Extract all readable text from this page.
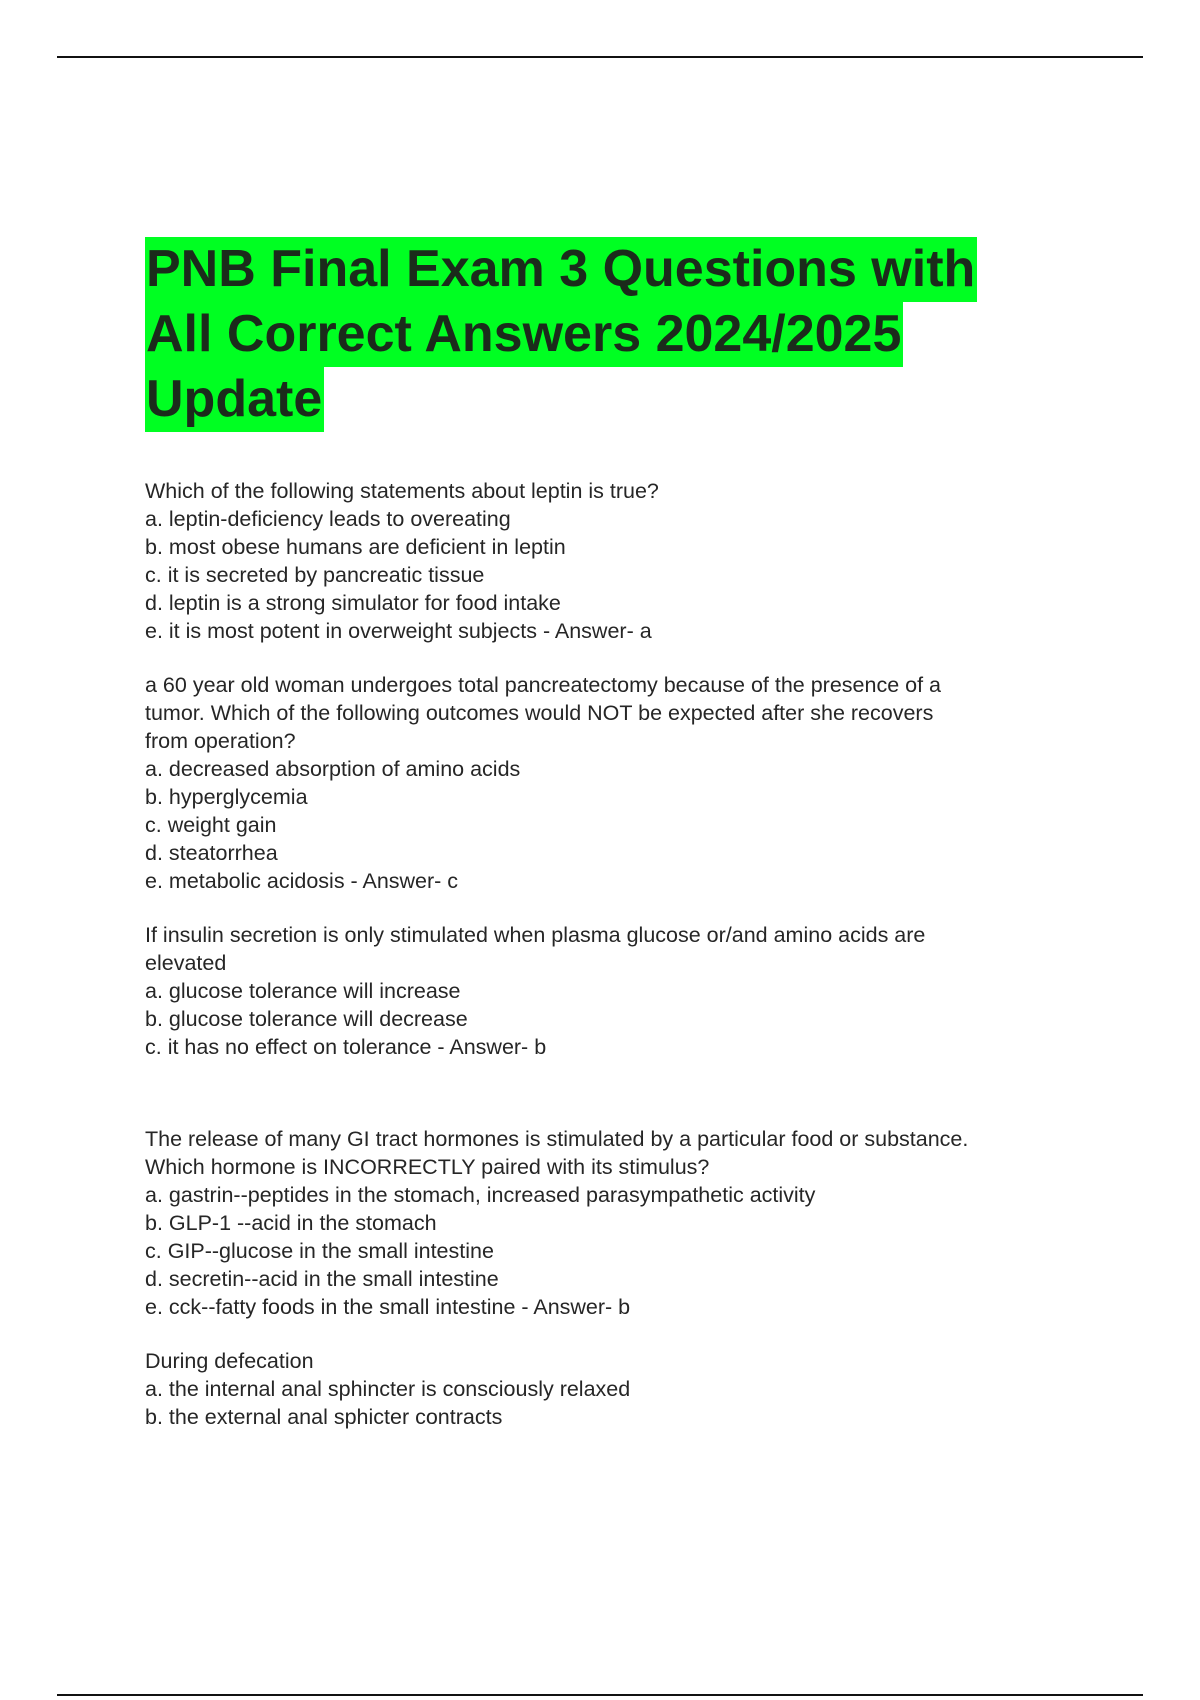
PNB Final Exam 3 Questions with
All Correct Answers 2024/2025
Update
Which of the following statements about leptin is true?
a. leptin-deficiency leads to overeating
b. most obese humans are deficient in leptin
c. it is secreted by pancreatic tissue
d. leptin is a strong simulator for food intake
e. it is most potent in overweight subjects - Answer- a
a 60 year old woman undergoes total pancreatectomy because of the presence of a
tumor. Which of the following outcomes would NOT be expected after she recovers
from operation?
a. decreased absorption of amino acids
b. hyperglycemia
c. weight gain
d. steatorrhea
e. metabolic acidosis - Answer- c
If insulin secretion is only stimulated when plasma glucose or/and amino acids are
elevated
a. glucose tolerance will increase
b. glucose tolerance will decrease
c. it has no effect on tolerance - Answer- b
The release of many GI tract hormones is stimulated by a particular food or substance.
Which hormone is INCORRECTLY paired with its stimulus?
a. gastrin--peptides in the stomach, increased parasympathetic activity
b. GLP-1 --acid in the stomach
c. GIP--glucose in the small intestine
d. secretin--acid in the small intestine
e. cck--fatty foods in the small intestine - Answer- b
During defecation
a. the internal anal sphincter is consciously relaxed
b. the external anal sphicter contracts
